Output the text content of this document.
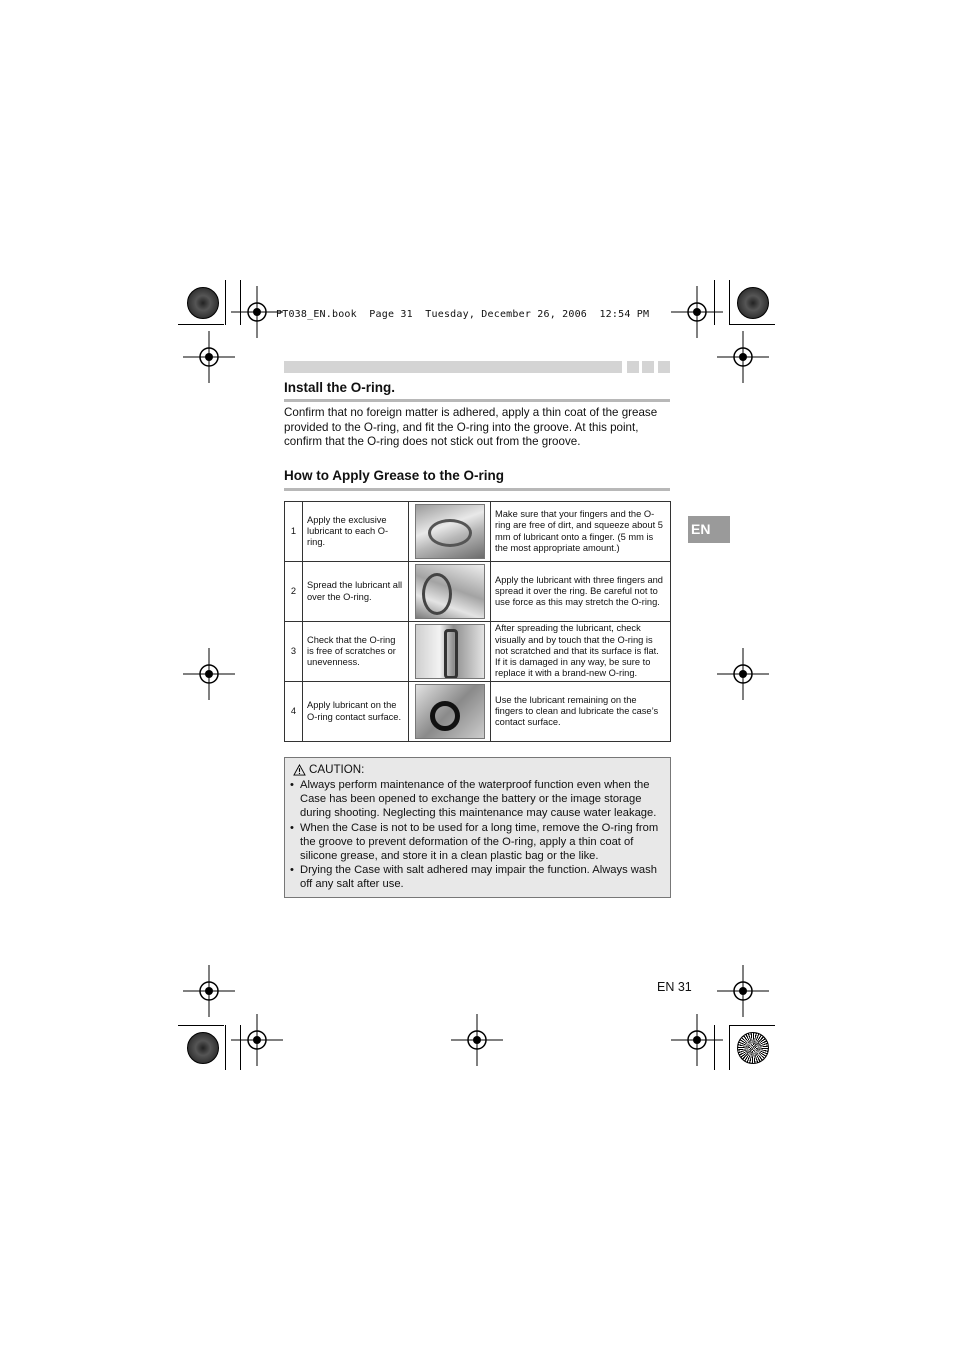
PT038_EN.book  Page 31  Tuesday, December 26, 2006  12:54 PM
Install the O-ring.
Confirm that no foreign matter is adhered, apply a thin coat of the grease provided to the O-ring, and fit the O-ring into the groove. At this point, confirm that the O-ring does not stick out from the groove.
How to Apply Grease to the O-ring
1	Apply the exclusive lubricant to each O-ring.		Make sure that your fingers and the O-ring are free of dirt, and squeeze about 5 mm of lubricant onto a finger. (5 mm is the most appropriate amount.)
2	Spread the lubricant all over the O-ring.		Apply the lubricant with three fingers and spread it over the ring. Be careful not to use force as this may stretch the O-ring.
3	Check that the O-ring is free of scratches or unevenness.		After spreading the lubricant, check visually and by touch that the O-ring is not scratched and that its surface is flat. If it is damaged in any way, be sure to replace it with a brand-new O-ring.
4	Apply lubricant on the O-ring contact surface.		Use the lubricant remaining on the fingers to clean and lubricate the case’s contact surface.
EN
CAUTION:
• Always perform maintenance of the waterproof function even when the Case has been opened to exchange the battery or the image storage during shooting. Neglecting this maintenance may cause water leakage.
• When the Case is not to be used for a long time, remove the O-ring from the groove to prevent deformation of the O-ring, apply a thin coat of silicone grease, and store it in a clean plastic bag or the like.
• Drying the Case with salt adhered may impair the function. Always wash off any salt after use.
EN 31
